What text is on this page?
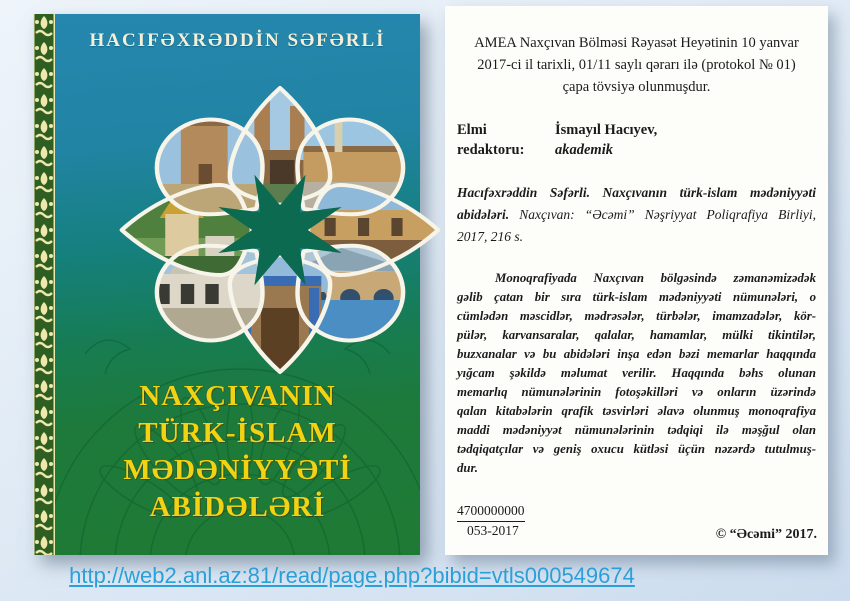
HACIFƏXRƏDDİN SƏFƏRLİ
NAXÇIVANIN
TÜRK-İSLAM
MƏDƏNİYYƏTİ
ABİDƏLƏRİ
AMEA Naxçıvan Bölməsi Rəyasət Heyətinin 10 yanvar
2017-ci il tarixli, 01/11 saylı qərarı ilə (protokol № 01)
çapa tövsiyə olunmuşdur.
Elmi redaktoru:
İsmayıl Hacıyev,
akademik
Hacıfəxrəddin Səfərli. Naxçıvanın türk-islam mədəniyyəti
abidələri. Naxçıvan: “Əcəmi” Nəşriyyat Poliqrafiya Birliyi,
2017, 216 s.
Monoqrafiyada Naxçıvan bölgəsində zəmanəmizədək
gəlib çatan bir sıra türk-islam mədəniyyəti nümunələri, o
cümlədən məscidlər, mədrəsələr, türbələr, imamzadələr, kör-
pülər, karvansaralar, qalalar, hamamlar, mülki tikintilər,
buzxanalar və bu abidələri inşa edən bəzi memarlar haqqında
yığcam şəkildə məlumat verilir. Haqqında bəhs olunan
memarlıq nümunələrinin fotoşəkilləri və onların üzərində
qalan kitabələrin qrafik təsvirləri əlavə olunmuş monoqrafiya
maddi mədəniyyət nümunələrinin tədqiqi ilə məşğul olan
tədqiqatçılar və geniş oxucu kütləsi üçün nəzərdə tutulmuş-
dur.
4700000000
053-2017	© “Əcəmi” 2017.
http://web2.anl.az:81/read/page.php?bibid=vtls000549674
